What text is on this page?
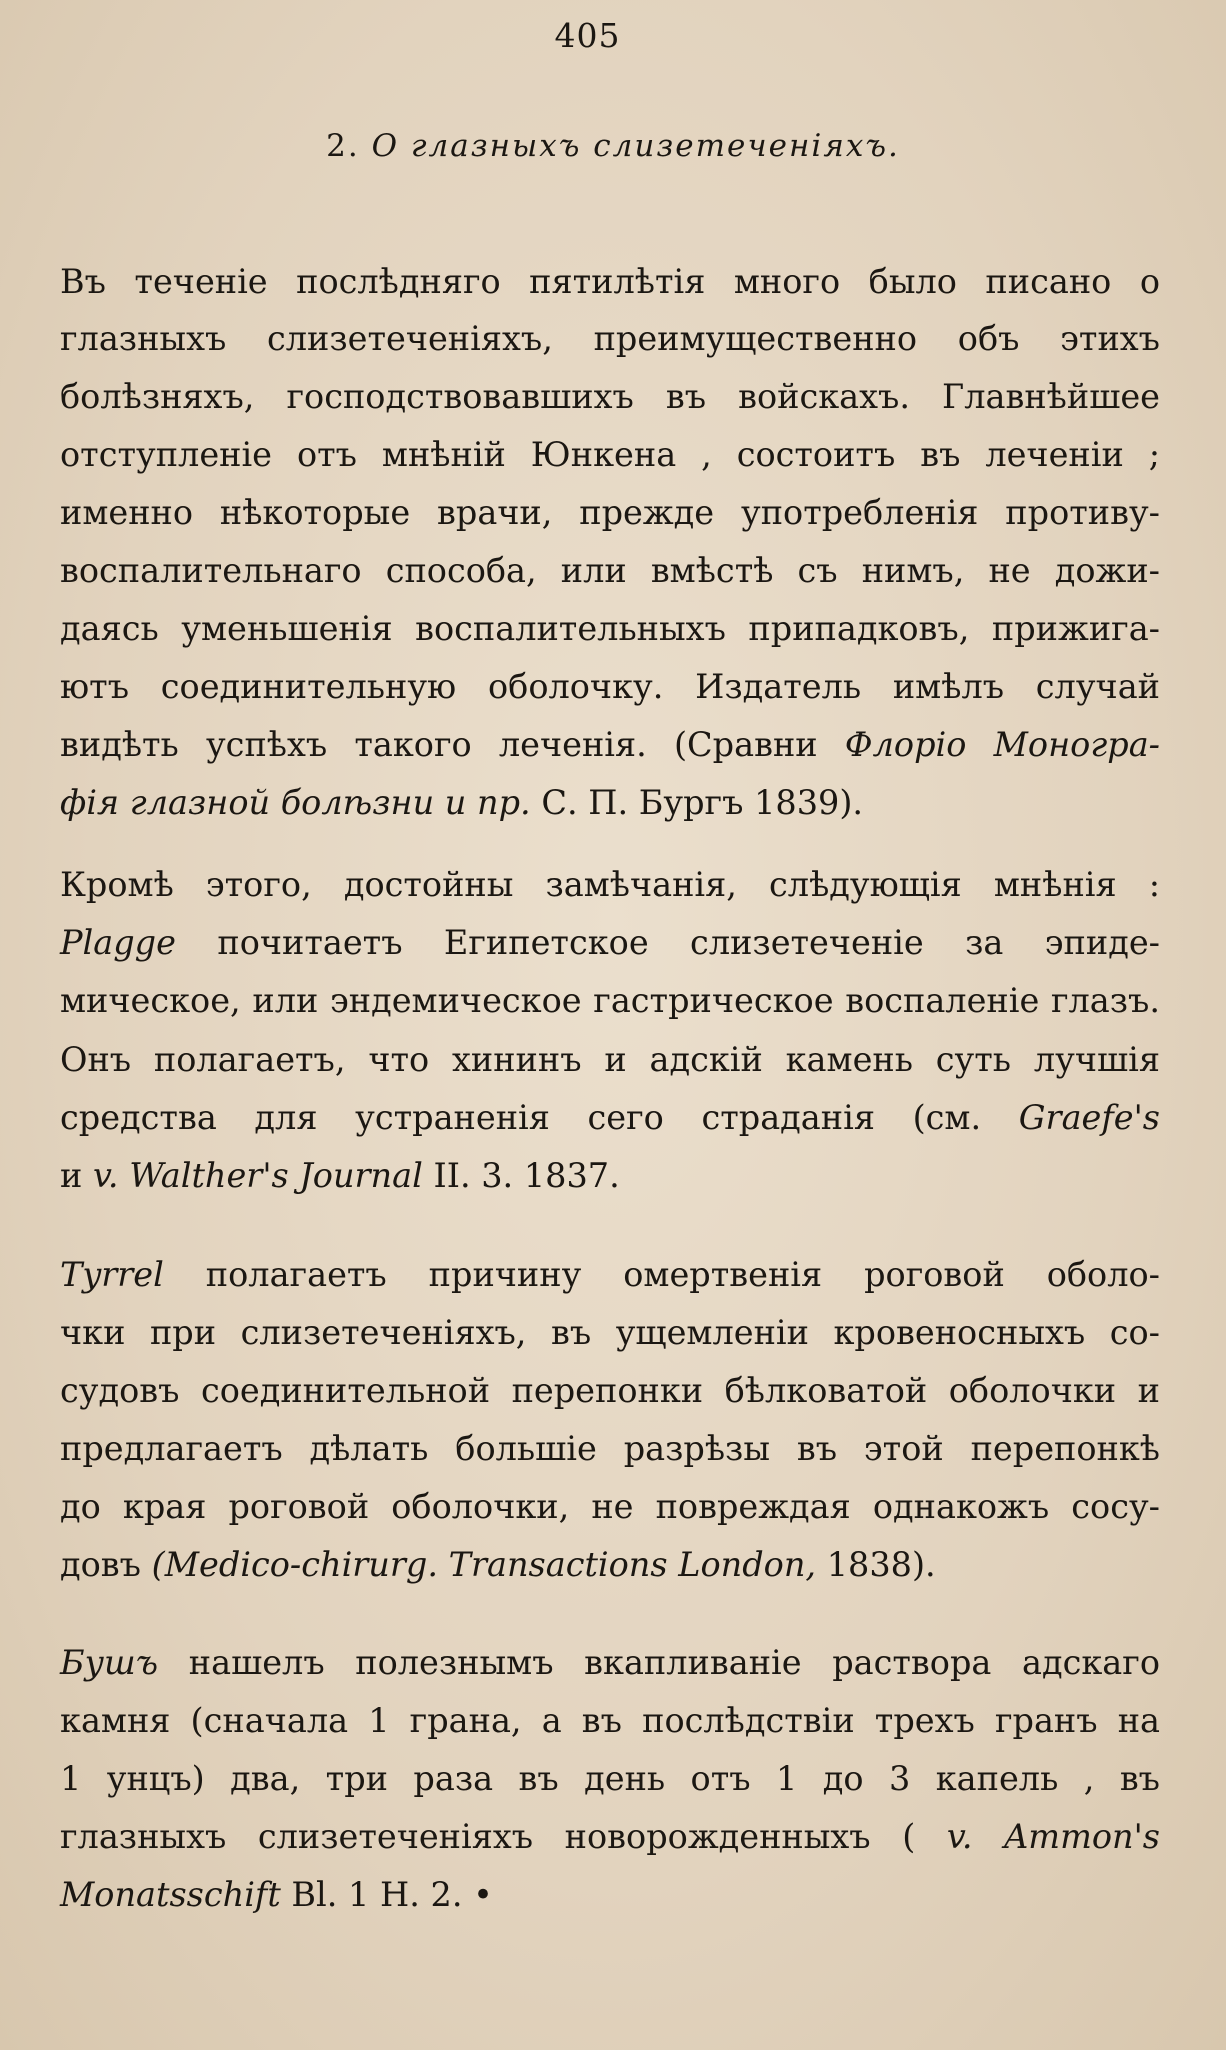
405
2. О глазныхъ слизетеченіяхъ.
Въ теченіе послѣдняго пятилѣтія много было писано о
глазныхъ слизетеченіяхъ, преимущественно объ этихъ
болѣзняхъ, господствовавшихъ въ войскахъ. Главнѣйшее
отступленіе отъ мнѣній Юнкена , состоитъ въ леченіи ;
именно нѣкоторые врачи, прежде употребленія противу-
воспалительнаго способа, или вмѣстѣ съ нимъ, не дожи-
даясь уменьшенія воспалительныхъ припадковъ, прижига-
ютъ соединительную оболочку. Издатель имѣлъ случай
видѣть успѣхъ такого леченія. (Сравни Флоріо Моногра-
фія глазной болѣзни и пр. С. П. Бургъ 1839).
Кромѣ этого, достойны замѣчанія, слѣдующія мнѣнія :
Plagge почитаетъ Египетское слизетеченіе за эпиде-
мическое, или эндемическое гастрическое воспаленіе глазъ.
Онъ полагаетъ, что хининъ и адскій камень суть лучшія
средства для устраненія сего страданія (см. Graefe's
и v. Walther's Journal II. 3. 1837.
Tyrrel полагаетъ причину омертвенія роговой оболо-
чки при слизетеченіяхъ, въ ущемленіи кровеносныхъ со-
судовъ соединительной перепонки бѣлковатой оболочки и
предлагаетъ дѣлать большіе разрѣзы въ этой перепонкѣ
до края роговой оболочки, не повреждая однакожъ сосу-
довъ (Medico-chirurg. Transactions London, 1838).
Бушъ нашелъ полезнымъ вкапливаніе раствора адскаго
камня (сначала 1 грана, а въ послѣдствіи трехъ гранъ на
1 унцъ) два, три раза въ день отъ 1 до 3 капель , въ
глазныхъ слизетеченіяхъ новорожденныхъ ( v. Ammon's
Monatsschift Bl. 1 H. 2. •
